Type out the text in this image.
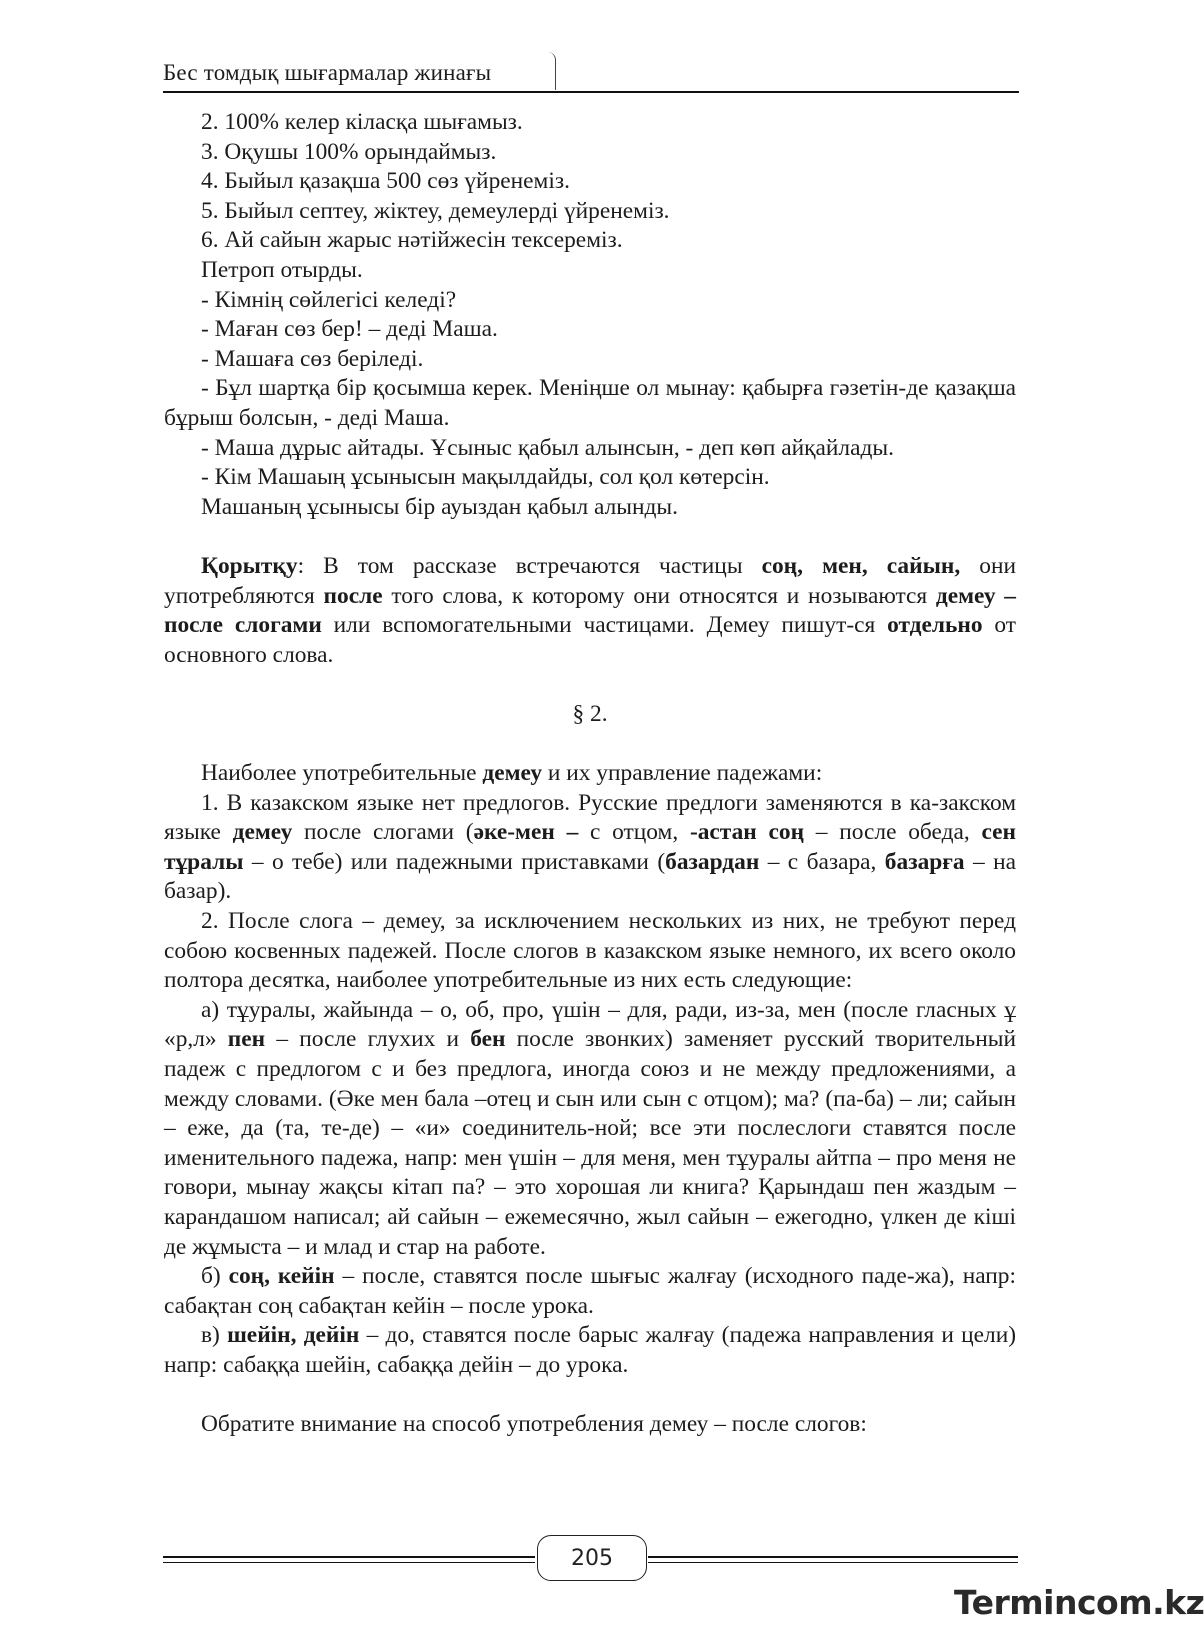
Бес томдық шығармалар жинағы

2. 100% келер кіласқа шығамыз.

3. Оқушы 100% орындаймыз.

4. Быйыл қазақша 500 сөз үйренеміз.

5. Быйыл септеу, жіктеу, демеулерді үйренеміз.

6. Ай сайын жарыс нәтійжесін тексереміз.

Петроп отырды.

- Кімнің сөйлегісі келеді?

- Маған сөз бер! – деді Маша.

- Машаға сөз беріледі.

- Бұл шартқа бір қосымша керек. Меніңше ол мынау: қабырға гәзетін-де қазақша бұрыш болсын, - деді Маша.

- Маша дұрыс айтады. Ұсыныс қабыл алынсын, - деп көп айқайлады.

- Кім Машаың ұсынысын мақылдайды, сол қол көтерсін.

Машаның ұсынысы бір ауыздан қабыл алынды.

Қорытқу: В том рассказе встречаются частицы соң, мен, сайын, они употребляются после того слова, к которому они относятся и нозываются демеу – после слогами или вспомогательными частицами. Демеу пишут-ся отдельно от основного слова.

§ 2.

Наиболее употребительные демеу и их управление падежами:

1. В казакском языке нет предлогов. Русские предлоги заменяются в ка-закском языке демеу после слогами (әке-мен – с отцом, -астан соң – после обеда, сен тұралы – о тебе) или падежными приставками (базардан – с базара, базарға – на базар).

2. После слога – демеу, за исключением нескольких из них, не требуют перед собою косвенных падежей. После слогов в казакском языке немного, их всего около полтора десятка, наиболее употребительные из них есть следующие:

а) тұуралы, жайында – о, об, про, үшін – для, ради, из-за, мен (после гласных ұ «р,л» пен – после глухих и бен после звонких) заменяет русский творительный падеж с предлогом с и без предлога, иногда союз и не между предложениями, а между словами. (Әке мен бала –отец и сын или сын с отцом); ма? (па-ба) – ли; сайын – еже, да (та, те-де) – «и» соединитель-ной; все эти послеслоги ставятся после именительного падежа, напр: мен үшін – для меня, мен тұуралы айтпа – про меня не говори, мынау жақсы кітап па? – это хорошая ли книга? Қарындаш пен жаздым – карандашом написал; ай сайын – ежемесячно, жыл сайын – ежегодно, үлкен де кіші де жұмыста – и млад и стар на работе.

б) соң, кейін – после, ставятся после шығыс жалғау (исходного паде-жа), напр: сабақтан соң сабақтан кейін – после урока.

в) шейін, дейін – до, ставятся после барыс жалғау (падежа направления и цели) напр: сабаққа шейін, сабаққа дейін – до урока.

Обратите внимание на способ употребления демеу – после слогов:

205
Termincom.kz
